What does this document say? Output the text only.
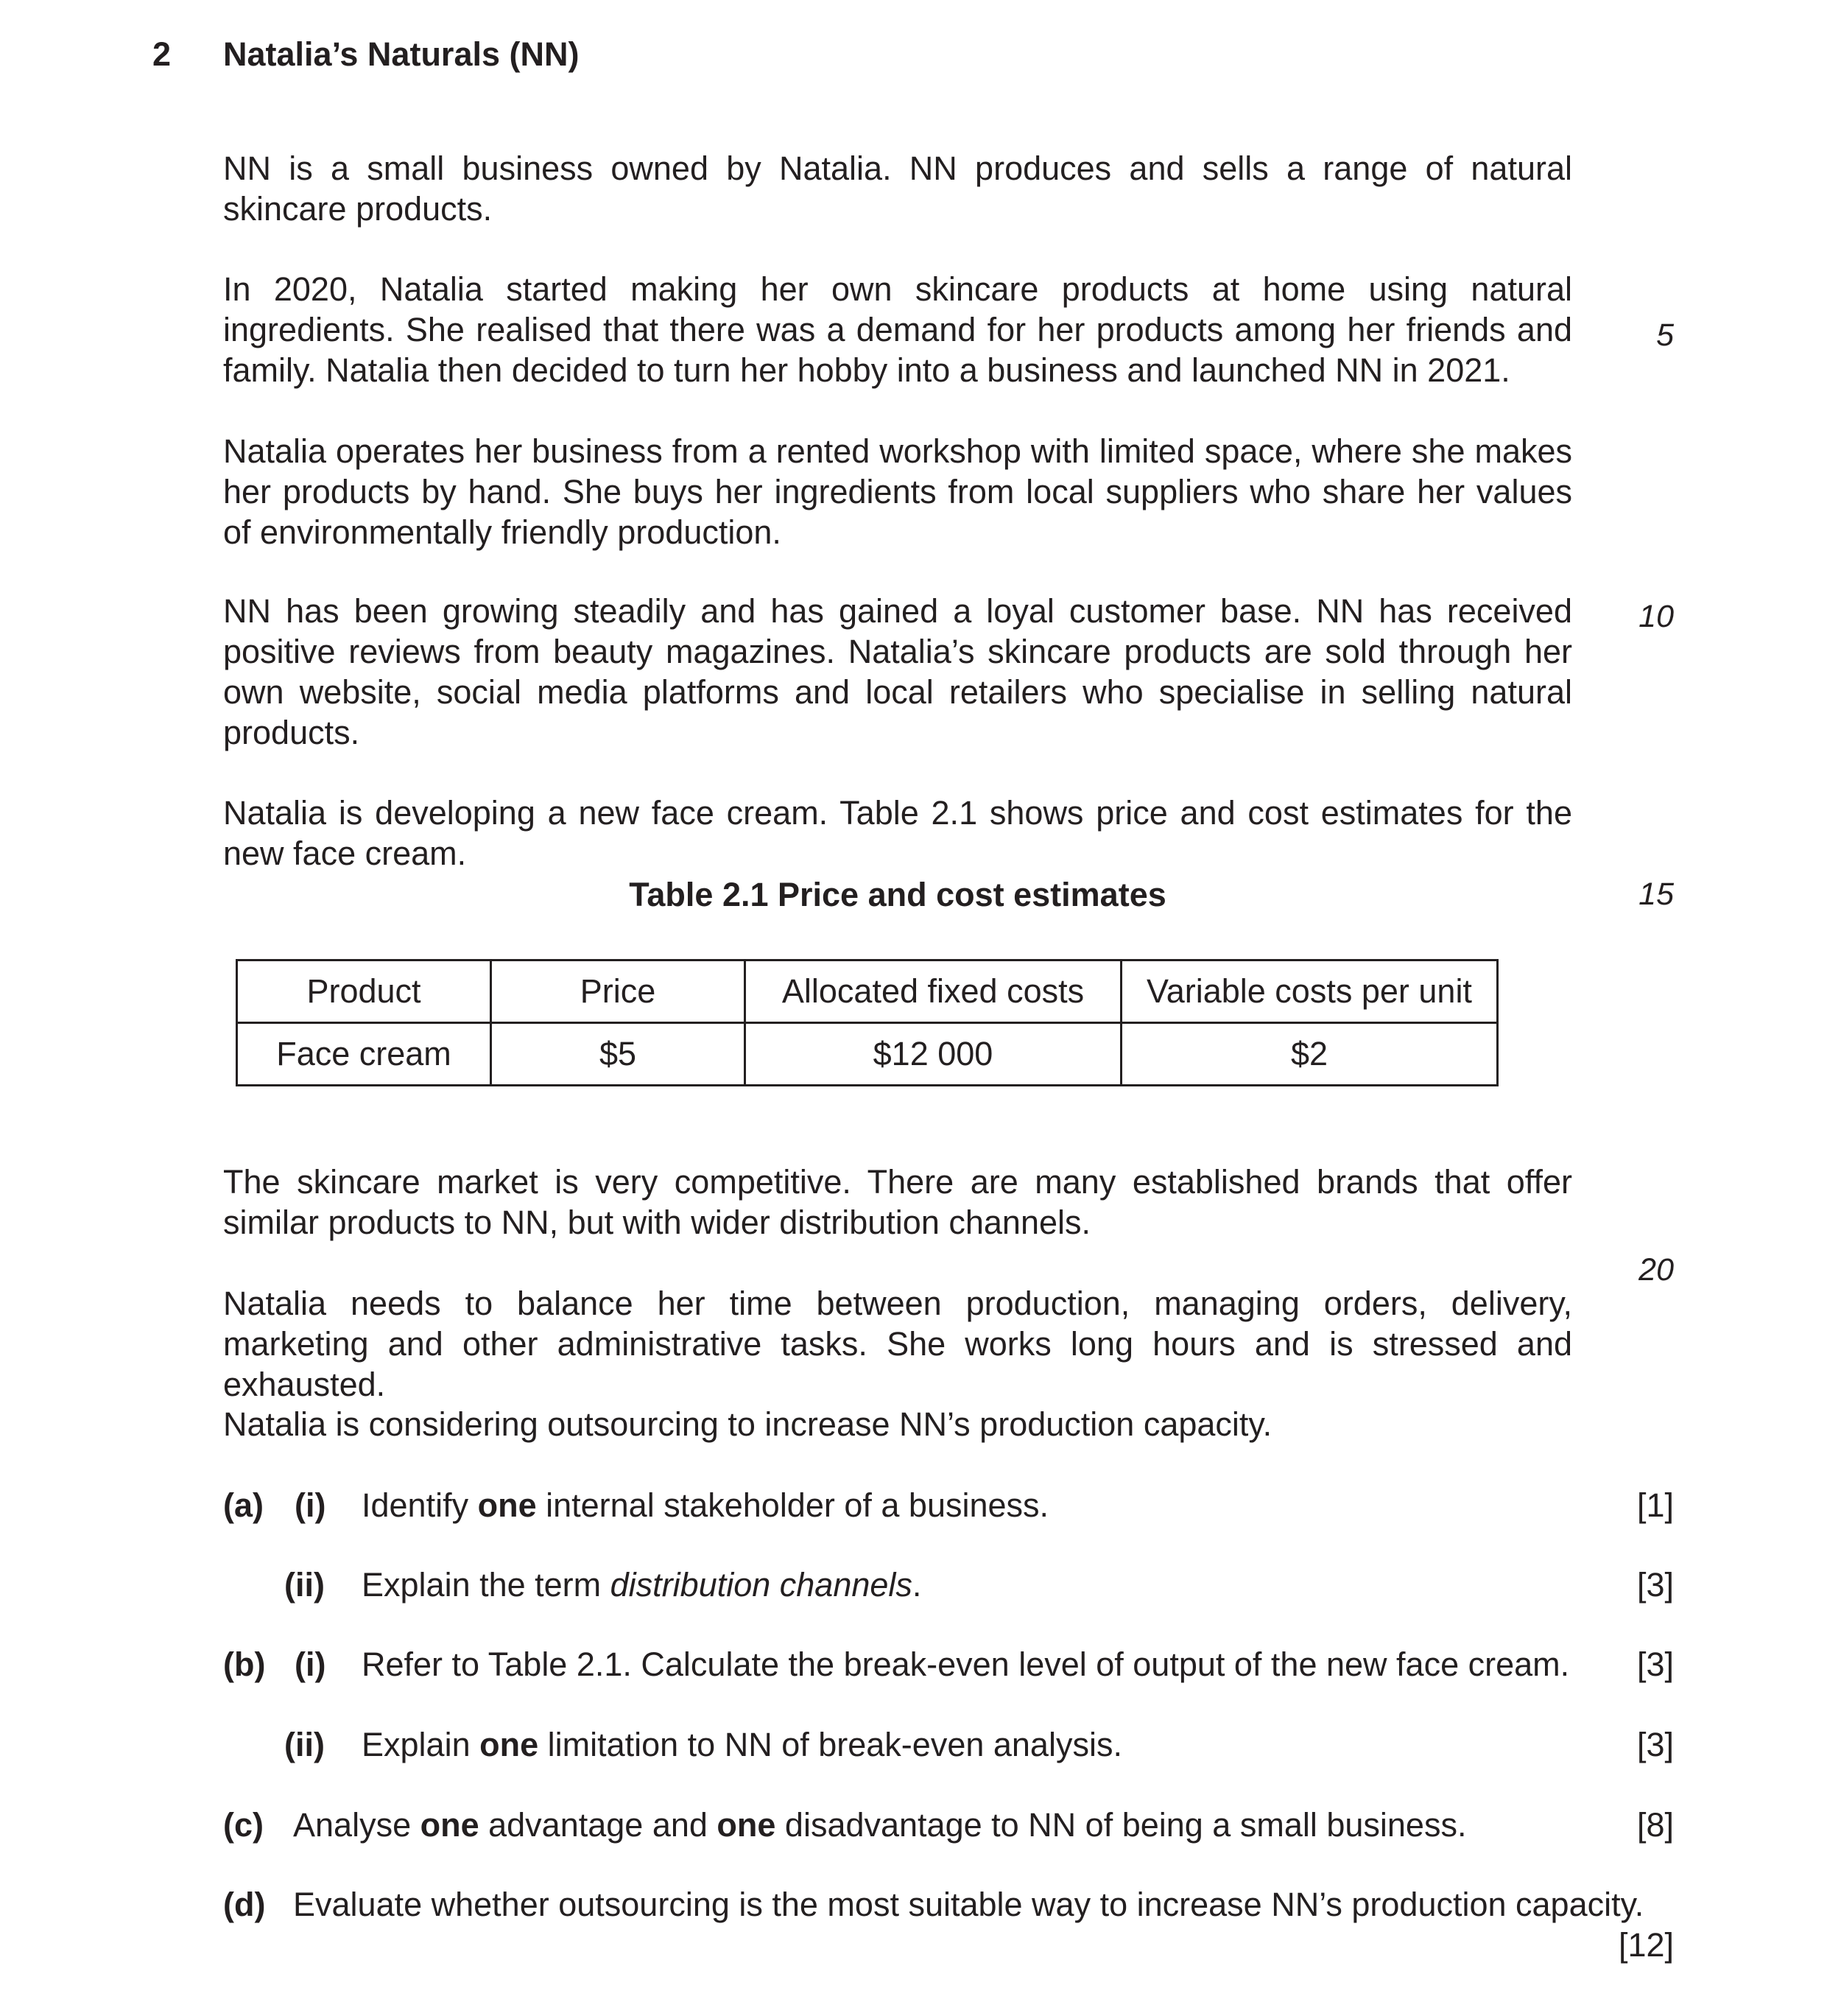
2 Natalia’s Naturals (NN)

NN is a small business owned by Natalia. NN produces and sells a range of natural skincare products.

In 2020, Natalia started making her own skincare products at home using natural ingredients. She realised that there was a demand for her products among her friends and family. Natalia then decided to turn her hobby into a business and launched NN in 2021.

Natalia operates her business from a rented workshop with limited space, where she makes her products by hand. She buys her ingredients from local suppliers who share her values of environmentally friendly production.

NN has been growing steadily and has gained a loyal customer base. NN has received positive reviews from beauty magazines. Natalia’s skincare products are sold through her own website, social media platforms and local retailers who specialise in selling natural products.

Natalia is developing a new face cream. Table 2.1 shows price and cost estimates for the new face cream.

Table 2.1 Price and cost estimates
Product	Price	Allocated fixed costs	Variable costs per unit
Face cream	$5	$12 000	$2

The skincare market is very competitive. There are many established brands that offer similar products to NN, but with wider distribution channels.

Natalia needs to balance her time between production, managing orders, delivery, marketing and other administrative tasks. She works long hours and is stressed and exhausted.

Natalia is considering outsourcing to increase NN’s production capacity.

5
10
15
20
(a) (i) Identify one internal stakeholder of a business.	[1]
(ii) Explain the term distribution channels.	[3]
(b) (i) Refer to Table 2.1. Calculate the break-even level of output of the new face cream. [3]
(ii) Explain one limitation to NN of break-even analysis.	[3]
(c) Analyse one advantage and one disadvantage to NN of being a small business.	[8]
(d) Evaluate whether outsourcing is the most suitable way to increase NN’s production capacity.
[12]
